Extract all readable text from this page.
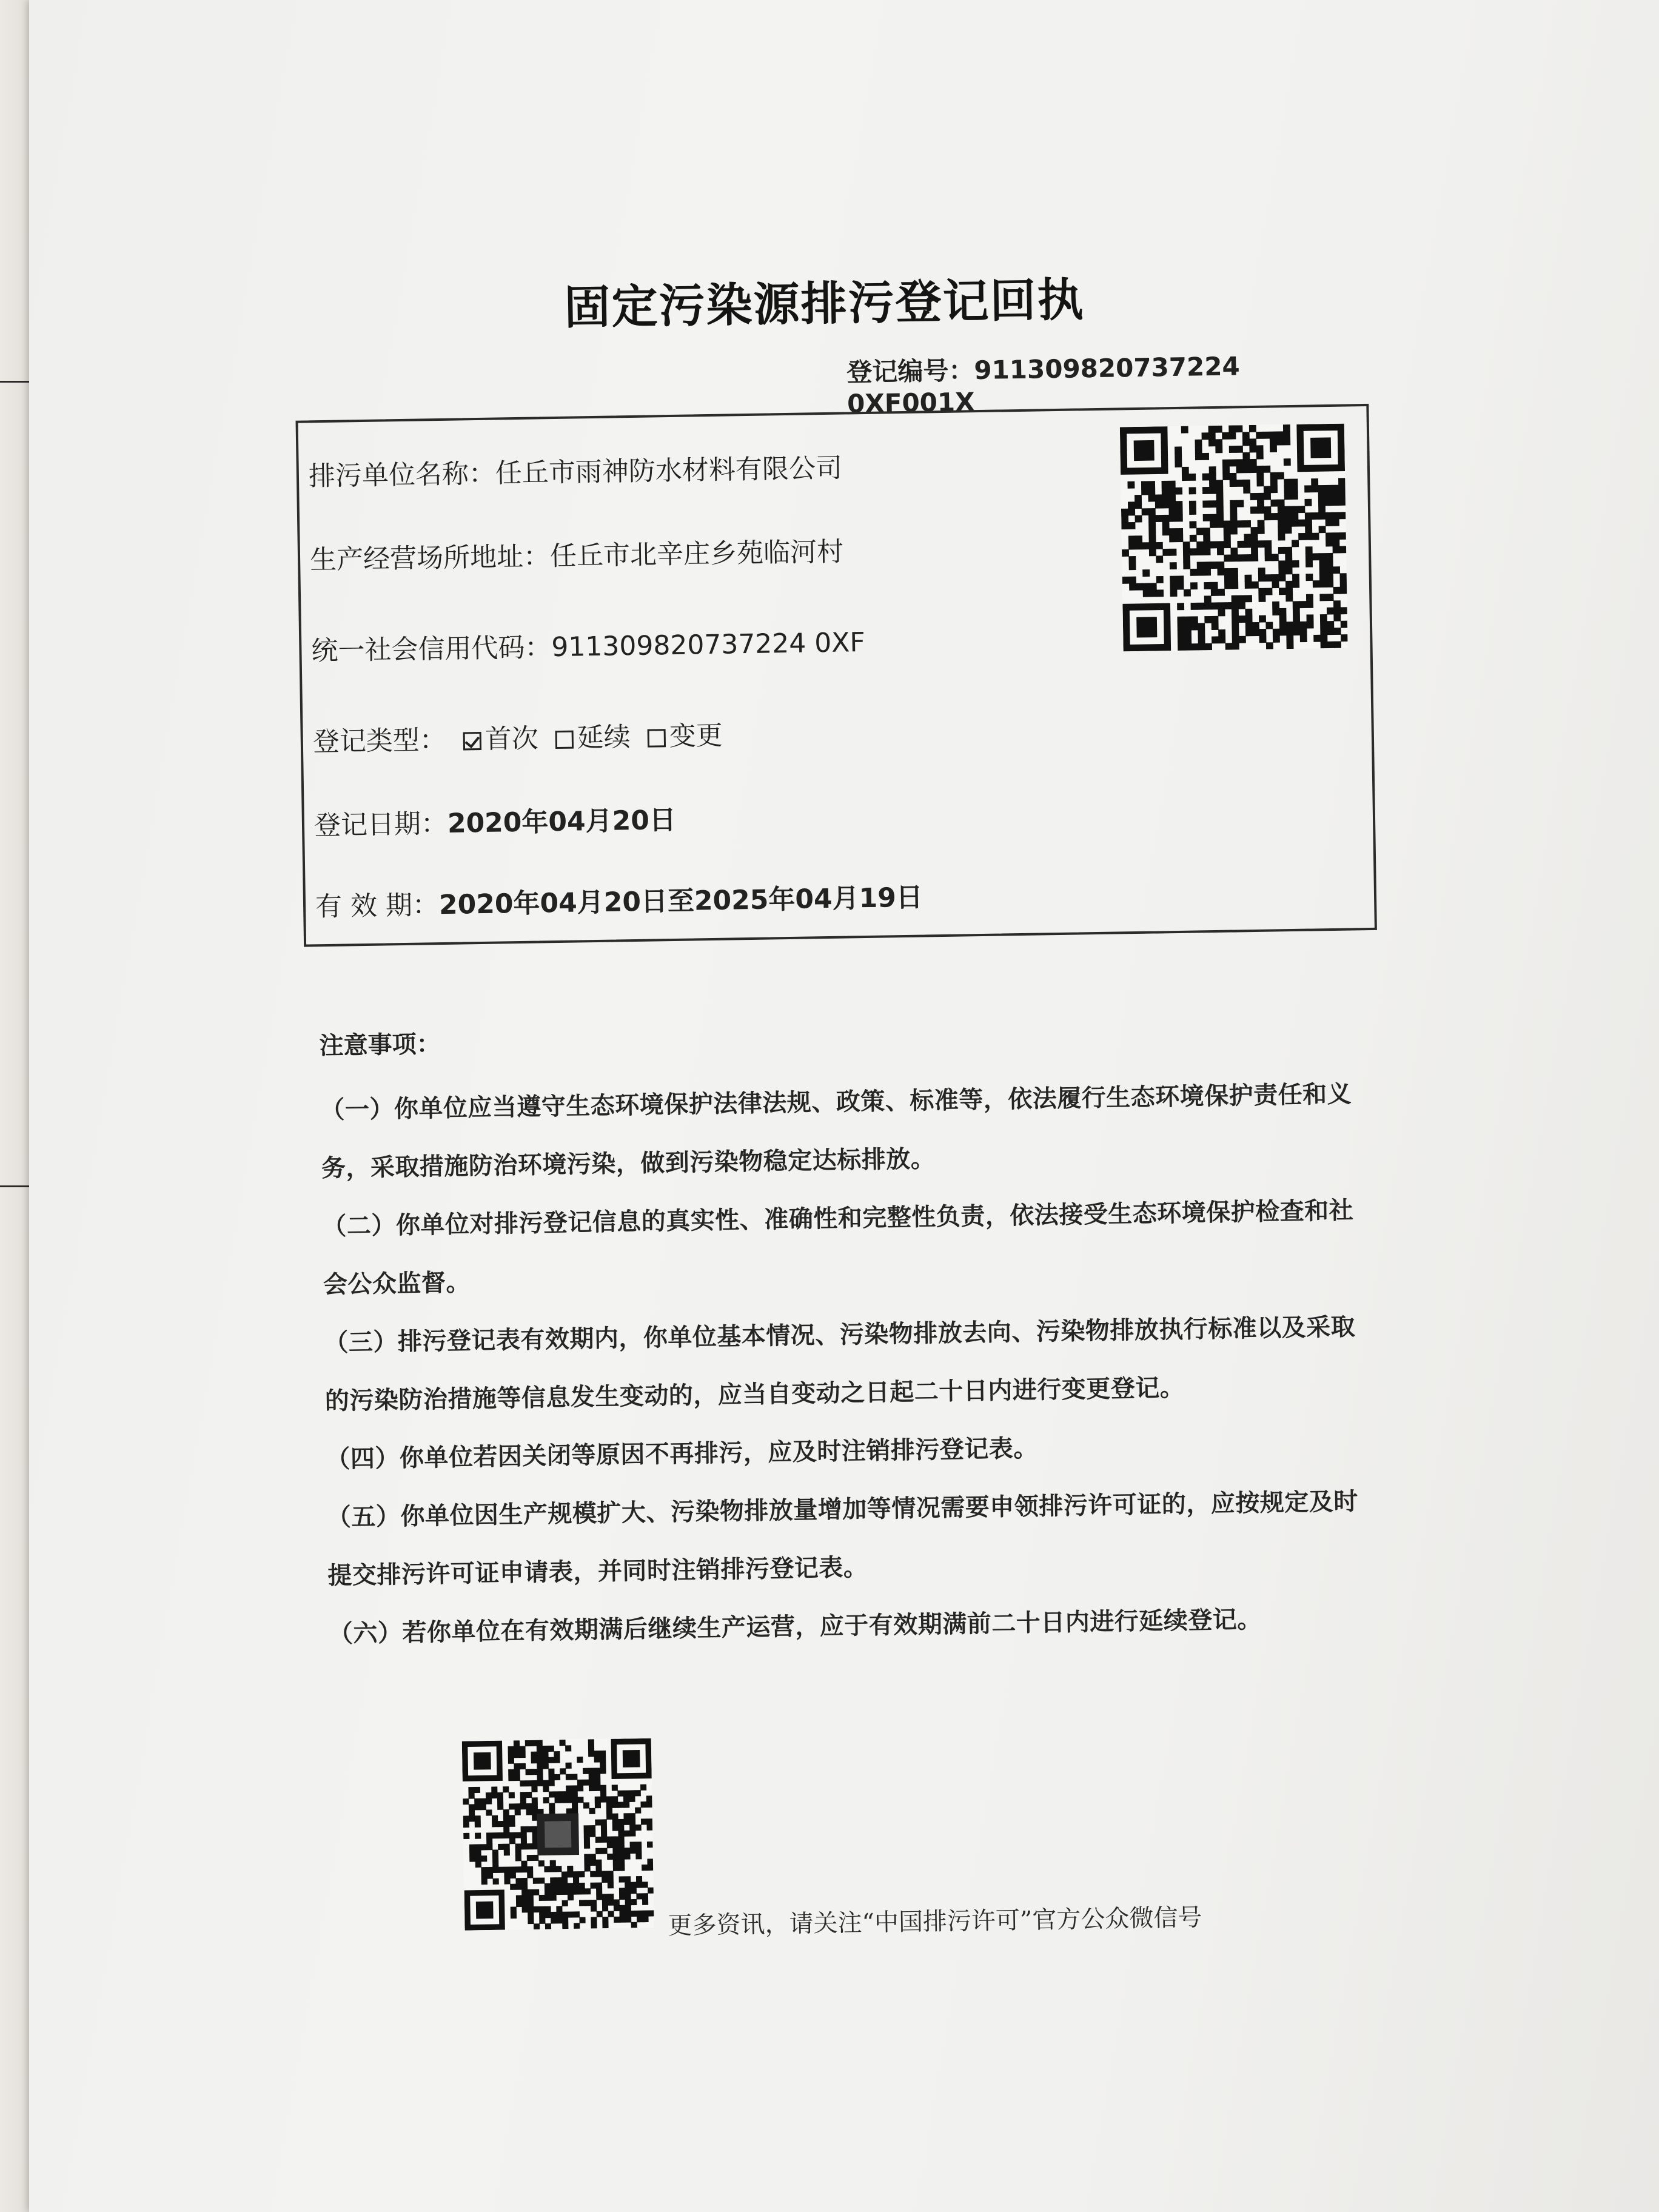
固定污染源排污登记回执
登记编号：911309820737224 0XF001X
排污单位名称：任丘市雨神防水材料有限公司
生产经营场所地址：任丘市北辛庄乡苑临河村
统一社会信用代码：911309820737224 0XF
登记类型： 首次 延续 变更
登记日期：2020年04月20日
有 效 期：2020年04月20日至2025年04月19日
注意事项：
（一）你单位应当遵守生态环境保护法律法规、政策、标准等，依法履行生态环境保护责任和义务，采取措施防治环境污染，做到污染物稳定达标排放。
（二）你单位对排污登记信息的真实性、准确性和完整性负责，依法接受生态环境保护检查和社会公众监督。
（三）排污登记表有效期内，你单位基本情况、污染物排放去向、污染物排放执行标准以及采取的污染防治措施等信息发生变动的，应当自变动之日起二十日内进行变更登记。
（四）你单位若因关闭等原因不再排污，应及时注销排污登记表。
（五）你单位因生产规模扩大、污染物排放量增加等情况需要申领排污许可证的，应按规定及时提交排污许可证申请表，并同时注销排污登记表。
（六）若你单位在有效期满后继续生产运营，应于有效期满前二十日内进行延续登记。
更多资讯，请关注“中国排污许可”官方公众微信号
